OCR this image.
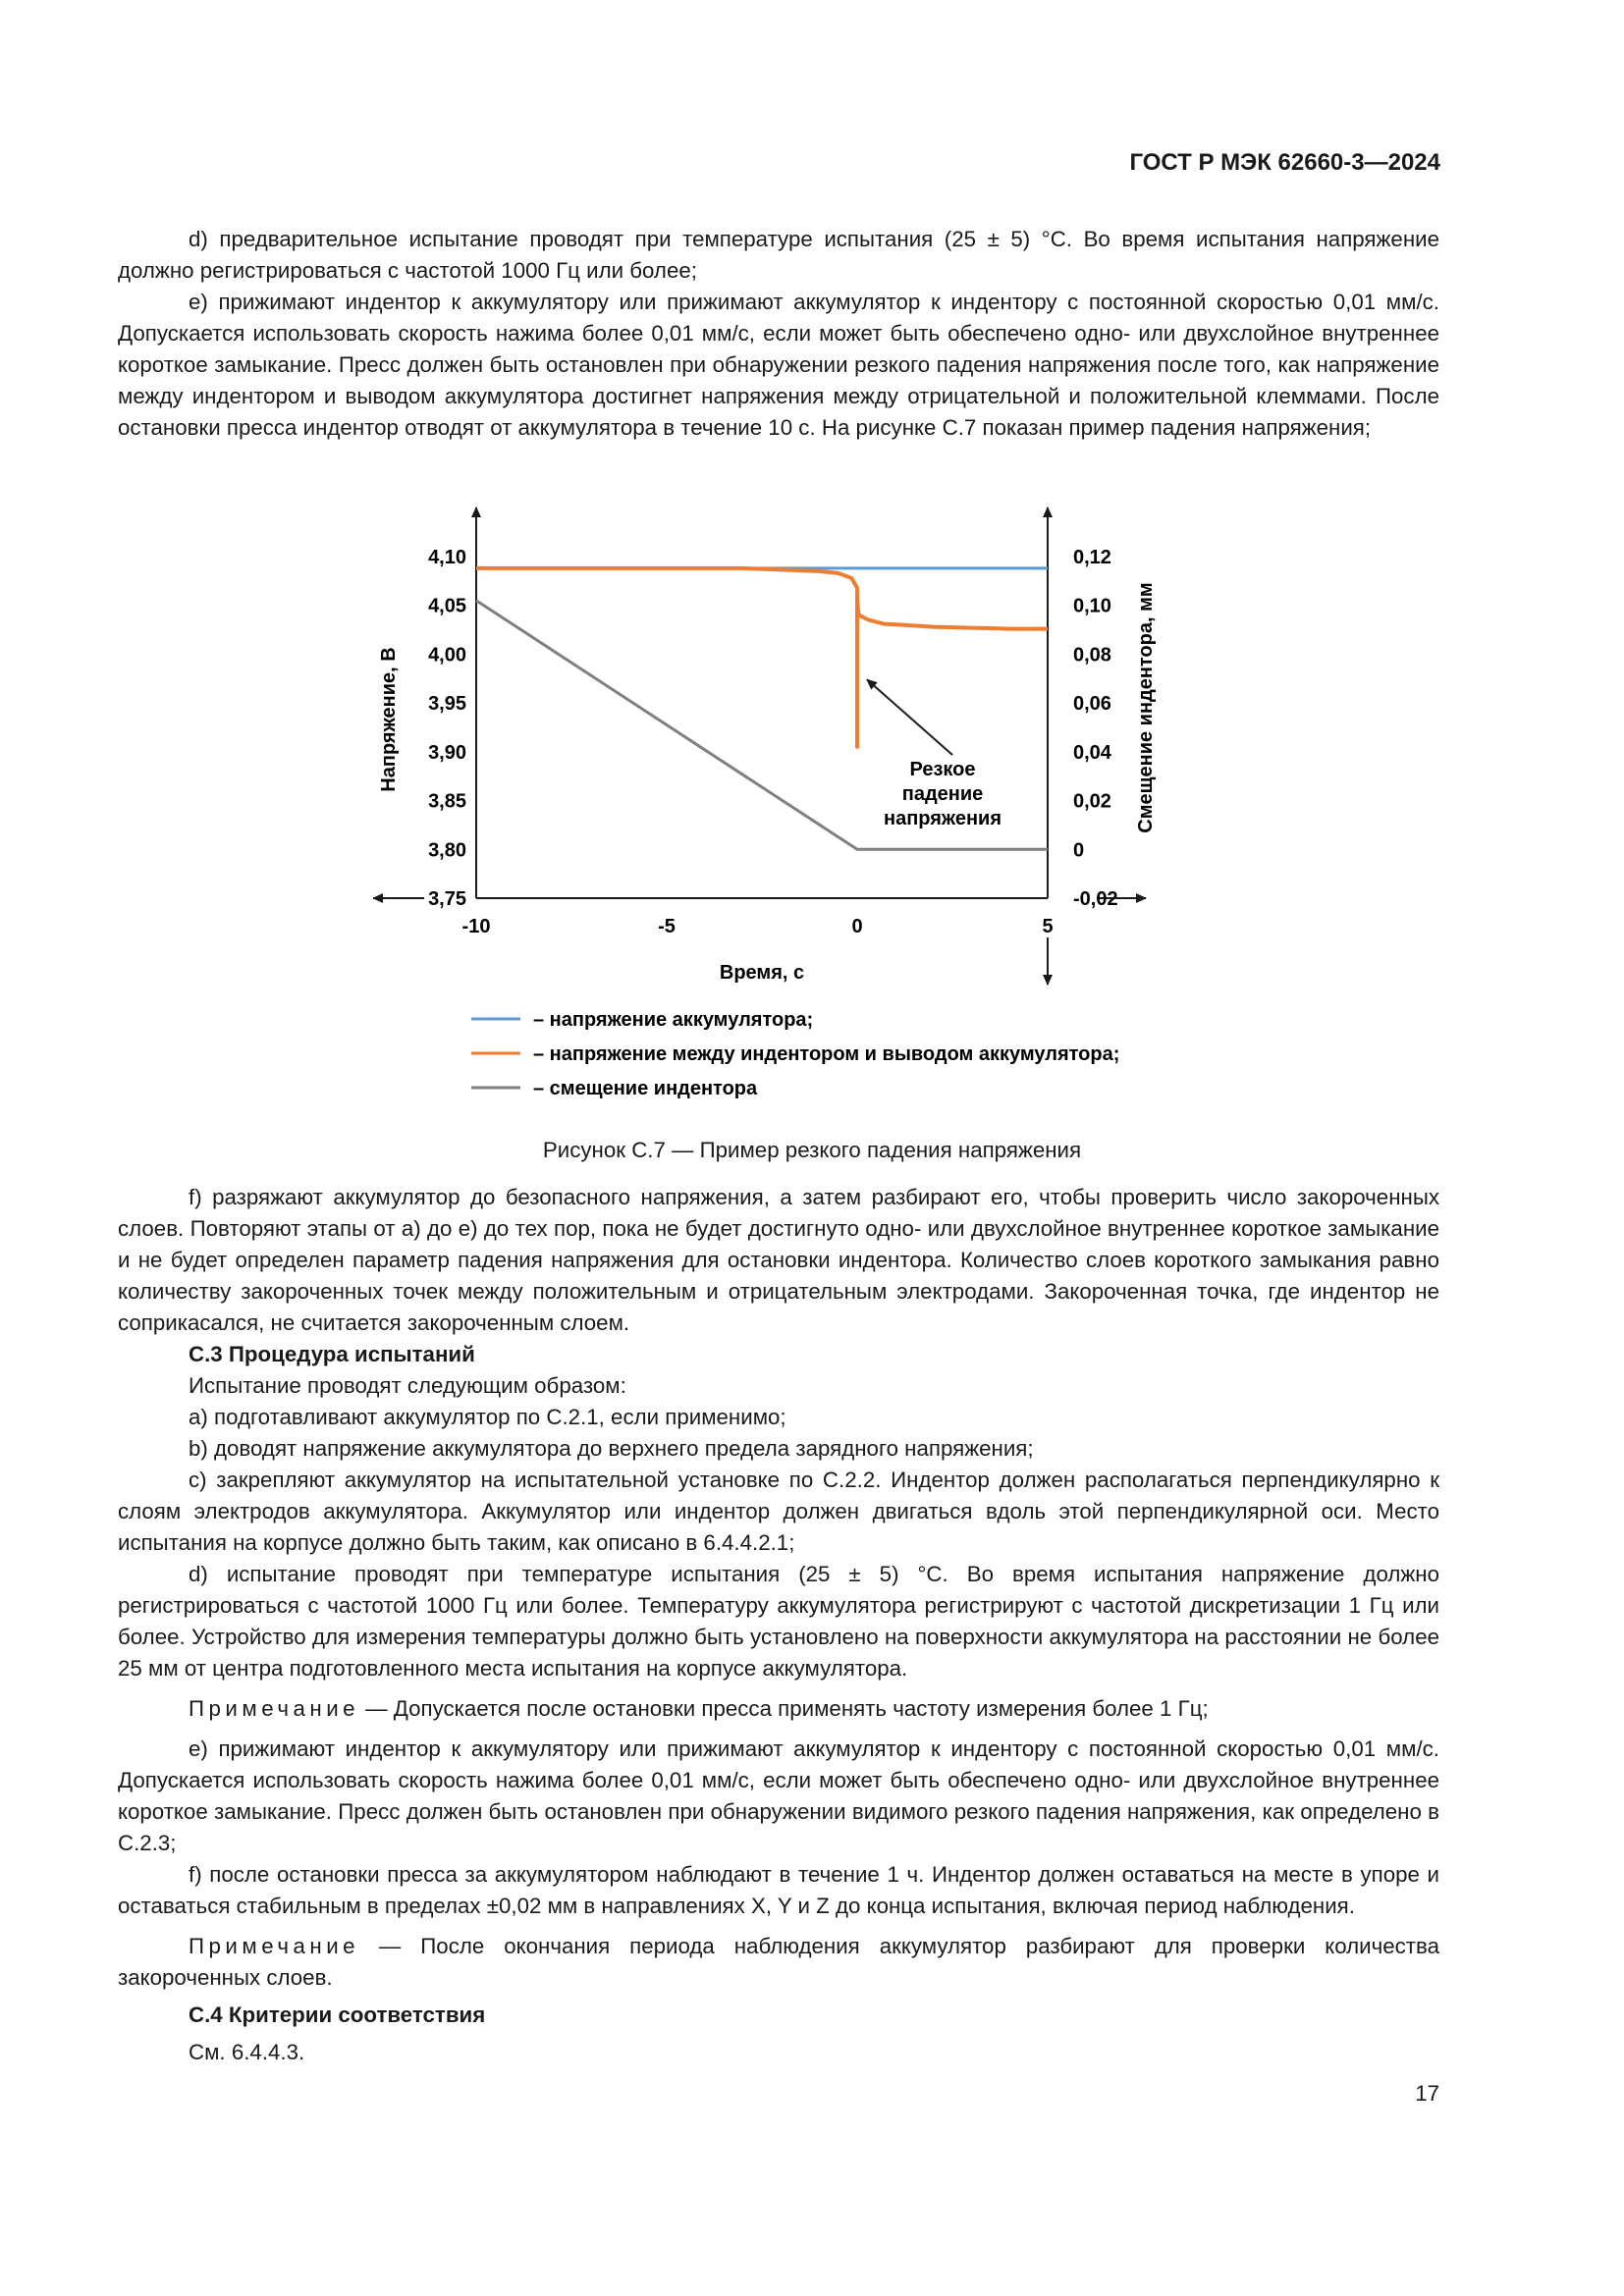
ГОСТ Р МЭК 62660-3—2024

d) предварительное испытание проводят при температуре испытания (25 ± 5) °C. Во время испытания напряжение должно регистрироваться с частотой 1000 Гц или более;

e) прижимают индентор к аккумулятору или прижимают аккумулятор к индентору с постоянной скоростью 0,01 мм/с. Допускается использовать скорость нажима более 0,01 мм/с, если может быть обеспечено одно- или двухслойное внутреннее короткое замыкание. Пресс должен быть остановлен при обнаружении резкого падения напряжения после того, как напряжение между индентором и выводом аккумулятора достигнет напряжения между отрицательной и положительной клеммами. После остановки пресса индентор отводят от аккумулятора в течение 10 с. На рисунке С.7 показан пример падения напряжения;

4,10
4,05
4,00
3,95
3,90
3,85
3,80
3,75
0,12
0,10
0,08
0,06
0,04
0,02
0
-0,02
-10	-5	0	5
Время, с
Напряжение, В	Смещение индентора, мм
Резкое
падение
напряжения
– напряжение аккумулятора;
– напряжение между индентором и выводом аккумулятора;
– смещение индентора
Рисунок С.7 — Пример резкого падения напряжения

f) разряжают аккумулятор до безопасного напряжения, а затем разбирают его, чтобы проверить число закороченных слоев. Повторяют этапы от а) до е) до тех пор, пока не будет достигнуто одно- или двухслойное внутреннее короткое замыкание и не будет определен параметр падения напряжения для остановки индентора. Количество слоев короткого замыкания равно количеству закороченных точек между положительным и отрицательным электродами. Закороченная точка, где индентор не соприкасался, не считается закороченным слоем.

С.3 Процедура испытаний

Испытание проводят следующим образом:

а) подготавливают аккумулятор по С.2.1, если применимо;

b) доводят напряжение аккумулятора до верхнего предела зарядного напряжения;

с) закрепляют аккумулятор на испытательной установке по С.2.2. Индентор должен располагаться перпендикулярно к слоям электродов аккумулятора. Аккумулятор или индентор должен двигаться вдоль этой перпендикулярной оси. Место испытания на корпусе должно быть таким, как описано в 6.4.4.2.1;

d) испытание проводят при температуре испытания (25 ± 5) °C. Во время испытания напряжение должно регистрироваться с частотой 1000 Гц или более. Температуру аккумулятора регистрируют с частотой дискретизации 1 Гц или более. Устройство для измерения температуры должно быть установлено на поверхности аккумулятора на расстоянии не более 25 мм от центра подготовленного места испытания на корпусе аккумулятора.

Примечание — Допускается после остановки пресса применять частоту измерения более 1 Гц;

е) прижимают индентор к аккумулятору или прижимают аккумулятор к индентору с постоянной скоростью 0,01 мм/с. Допускается использовать скорость нажима более 0,01 мм/с, если может быть обеспечено одно- или двухслойное внутреннее короткое замыкание. Пресс должен быть остановлен при обнаружении видимого резкого падения напряжения, как определено в С.2.3;

f) после остановки пресса за аккумулятором наблюдают в течение 1 ч. Индентор должен оставаться на месте в упоре и оставаться стабильным в пределах ±0,02 мм в направлениях X, Y и Z до конца испытания, включая период наблюдения.

Примечание — После окончания периода наблюдения аккумулятор разбирают для проверки количества закороченных слоев.

С.4 Критерии соответствия

См. 6.4.4.3.

17
